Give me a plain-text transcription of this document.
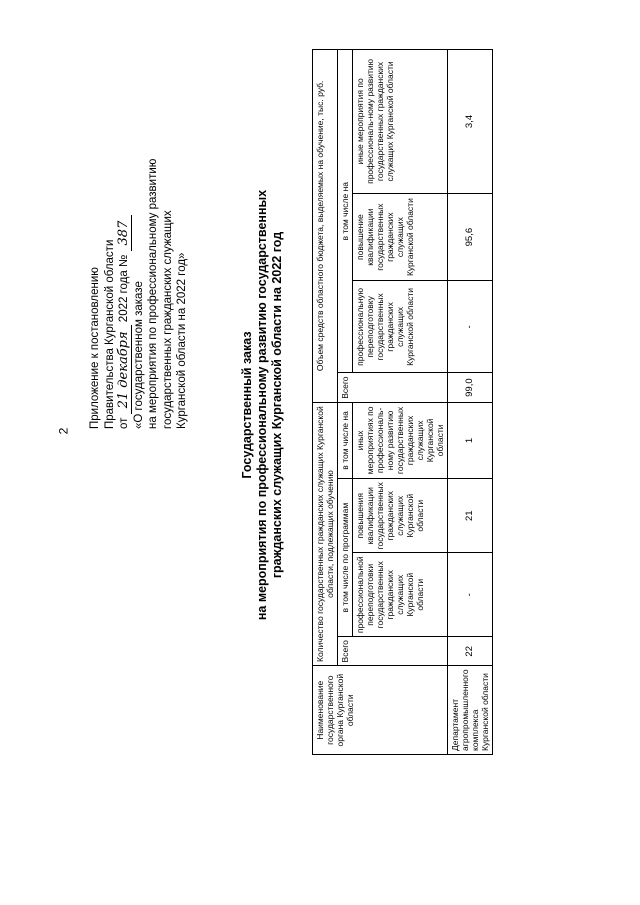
2
Приложение к постановлению Правительства Курганской области от 21 декабря 2022 года № 387
«О государственном заказе на мероприятия по профессиональному развитию государственных гражданских служащих Курганской области на 2022 год»	Государственный заказ на мероприятия по профессиональному развитию государственных гражданских служащих Курганской области на 2022 год
Наименование государственного органа Курганской области	Количество государственных гражданских служащих Курганской области, подлежащих обучению				Объем средств областного бюджета, выделяемых на обучение, тыс. руб.			
	Всего	в том числе по программам		в том числе на	Всего	в том числе на		
		профессиональной переподготовки государственных гражданских служащих Курганской области	повышения квалификации государственных гражданских служащих Курганской области	иных мероприятиях по профессиональ-ному развитию государственных гражданских служащих Курганской области		профессиональную переподготовку государственных гражданских служащих Курганской области	повышение квалификации государственных гражданских служащих Курганской области	иные мероприятия по профессиональ-ному развитию государственных гражданских служащих Курганской области

Департамент агропромышленного комплекса Курганской области	22	-	21	1	99,0	-	95,6	3,4
